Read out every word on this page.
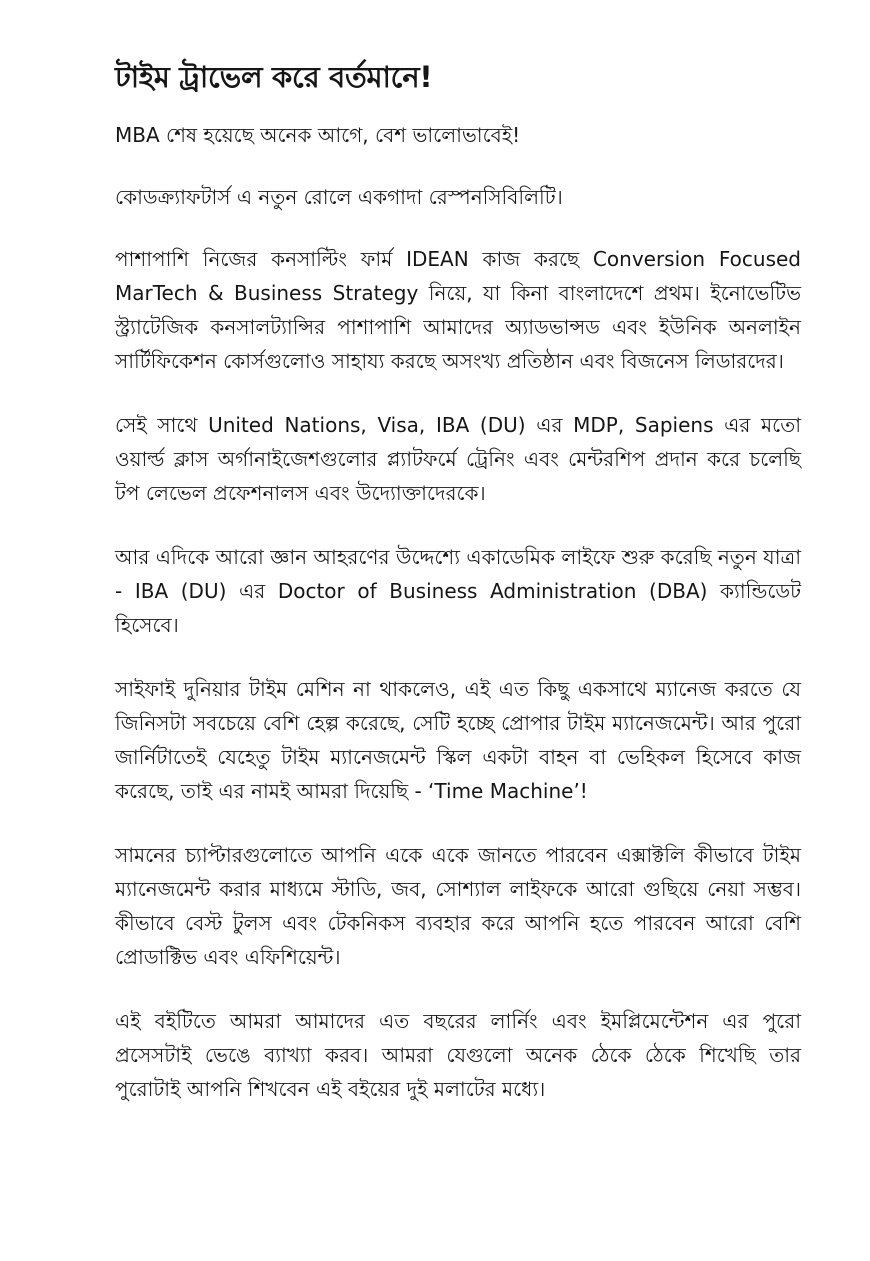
টাইম ট্রাভেল করে বর্তমানে!

MBA শেষ হয়েছে অনেক আগে, বেশ ভালোভাবেই!

কোডক্র্যাফটার্স এ নতুন রোলে একগাদা রেস্পনসিবিলিটি।

পাশাপাশি নিজের কনসাল্টিং ফার্ম IDEAN কাজ করছে Conversion Focused MarTech & Business Strategy নিয়ে, যা কিনা বাংলাদেশে প্রথম। ইনোভেটিভ স্ট্র্যাটেজিক কনসালট্যান্সির পাশাপাশি আমাদের অ্যাডভান্সড এবং ইউনিক অনলাইন সার্টিফিকেশন কোর্সগুলোও সাহায্য করছে অসংখ্য প্রতিষ্ঠান এবং বিজনেস লিডারদের।

সেই সাথে United Nations, Visa, IBA (DU) এর MDP, Sapiens এর মতো ওয়ার্ল্ড ক্লাস অর্গানাইজেশগুলোর প্ল্যাটফর্মে ট্রেনিং এবং মেন্টরশিপ প্রদান করে চলেছি টপ লেভেল প্রফেশনালস এবং উদ্যোক্তাদেরকে।

আর এদিকে আরো জ্ঞান আহরণের উদ্দেশ্যে একাডেমিক লাইফে শুরু করেছি নতুন যাত্রা - IBA (DU) এর Doctor of Business Administration (DBA) ক্যান্ডিডেট হিসেবে।

সাইফাই দুনিয়ার টাইম মেশিন না থাকলেও, এই এত কিছু একসাথে ম্যানেজ করতে যে জিনিসটা সবচেয়ে বেশি হেল্প করেছে, সেটি হচ্ছে প্রোপার টাইম ম্যানেজমেন্ট। আর পুরো জার্নিটাতেই যেহেতু টাইম ম্যানেজমেন্ট স্কিল একটা বাহন বা ভেহিকল হিসেবে কাজ করেছে, তাই এর নামই আমরা দিয়েছি - ‘Time Machine’!

সামনের চ্যাপ্টারগুলোতে আপনি একে একে জানতে পারবেন এক্সাক্টলি কীভাবে টাইম ম্যানেজমেন্ট করার মাধ্যমে স্টাডি, জব, সোশ্যাল লাইফকে আরো গুছিয়ে নেয়া সম্ভব। কীভাবে বেস্ট টুলস এবং টেকনিকস ব্যবহার করে আপনি হতে পারবেন আরো বেশি প্রোডাক্টিভ এবং এফিশিয়েন্ট।

এই বইটিতে আমরা আমাদের এত বছরের লার্নিং এবং ইমপ্লিমেন্টেশন এর পুরো প্রসেসটাই ভেঙে ব্যাখ্যা করব। আমরা যেগুলো অনেক ঠেকে ঠেকে শিখেছি তার পুরোটাই আপনি শিখবেন এই বইয়ের দুই মলাটের মধ্যে।
